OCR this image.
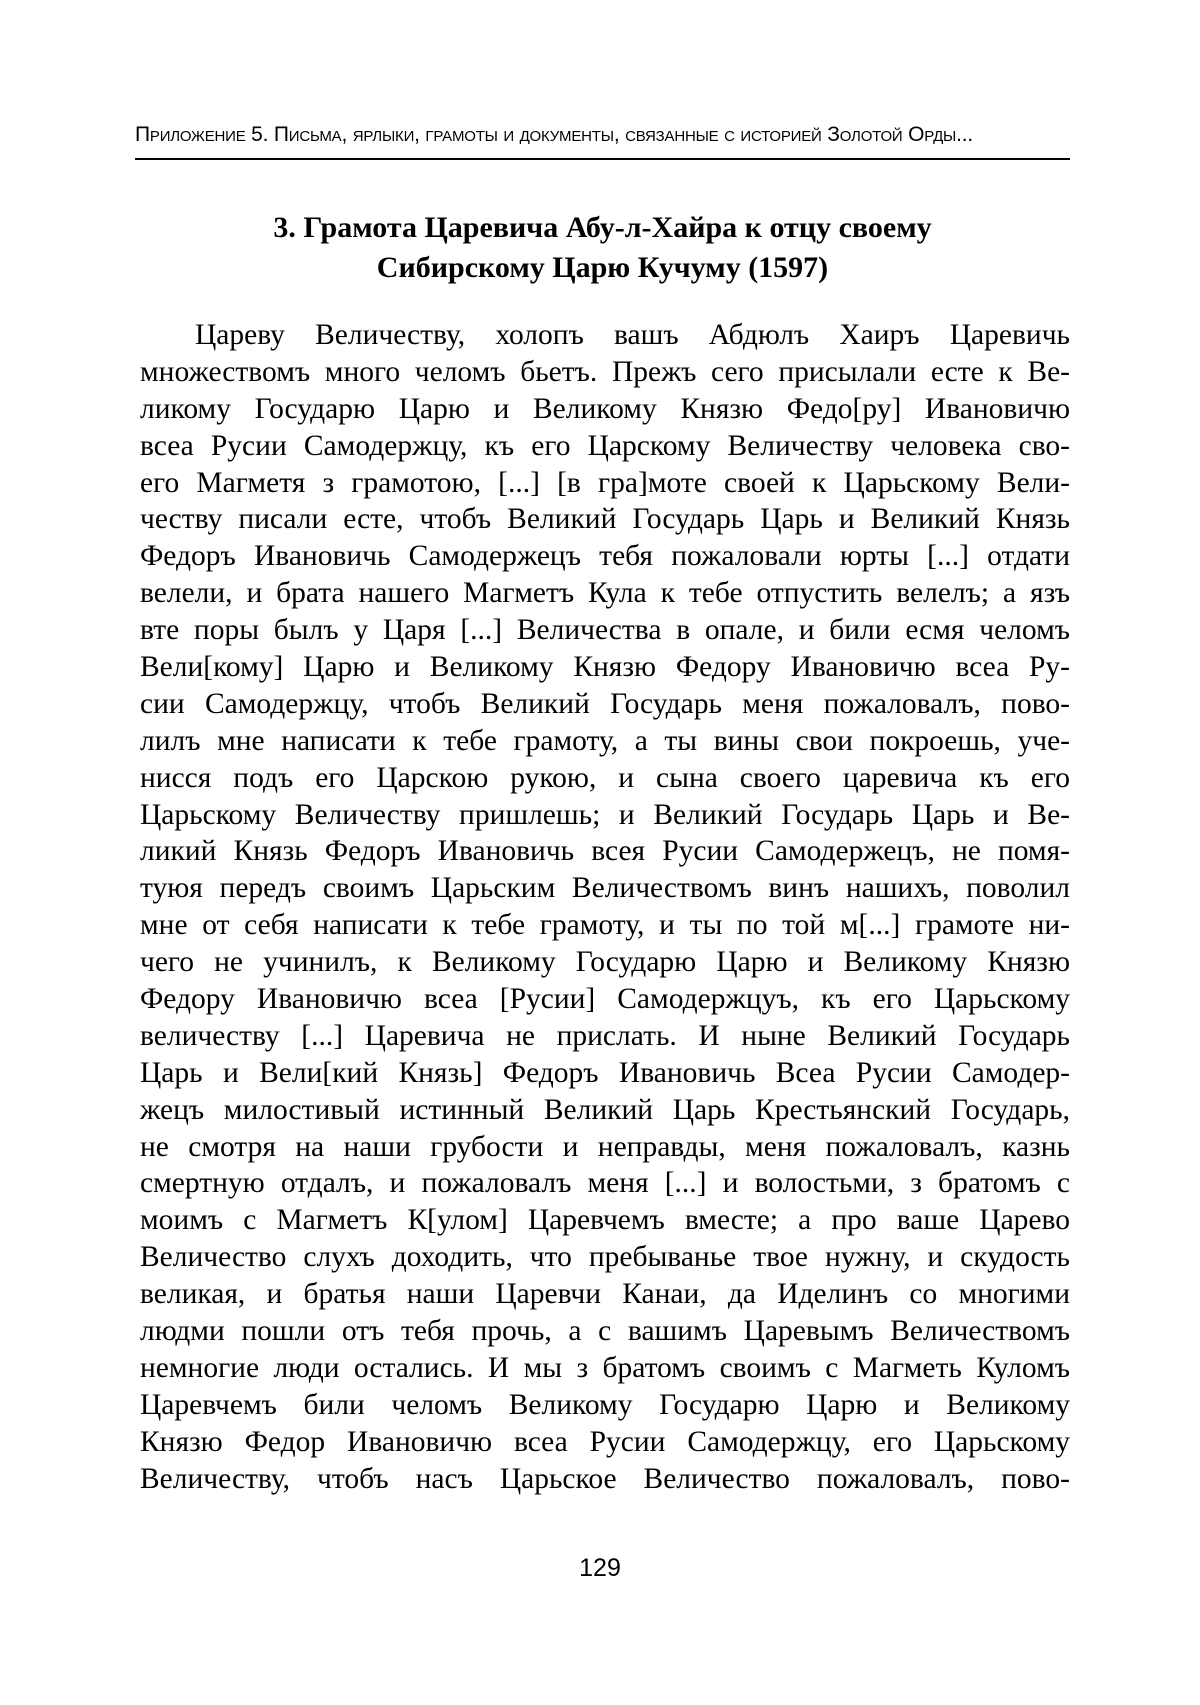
Приложение 5. Письма, ярлыки, грамоты и документы, связанные с историей Золотой Орды...
3. Грамота Царевича Абу-л-Хайра к отцу своему
Сибирскому Царю Кучуму (1597)
Цареву Величеству, холопъ вашъ Абдюлъ Хаиръ Царевичь
множествомъ много челомъ бьетъ. Прежъ сего присылали есте к Ве-
ликому Государю Царю и Великому Князю Федо[ру] Ивановичю
всеа Русии Самодержцу, къ его Царскому Величеству человека сво-
его Магметя з грамотою, [...] [в гра]моте своей к Царьскому Вели-
честву писали есте, чтобъ Великий Государь Царь и Великий Князь
Федоръ Ивановичь Самодержецъ тебя пожаловали юрты [...] отдати
велели, и брата нашего Магметъ Кула к тебе отпустить велелъ; а язъ
вте поры былъ у Царя [...] Величества в опале, и били есмя челомъ
Вели[кому] Царю и Великому Князю Федору Ивановичю всеа Ру-
сии Самодержцу, чтобъ Великий Государь меня пожаловалъ, пово-
лилъ мне написати к тебе грамоту, а ты вины свои покроешь, уче-
нисся подъ его Царскою рукою, и сына своего царевича къ его
Царьскому Величеству пришлешь; и Великий Государь Царь и Ве-
ликий Князь Федоръ Ивановичь всея Русии Самодержецъ, не помя-
туюя передъ своимъ Царьским Величествомъ винъ нашихъ, поволил
мне от себя написати к тебе грамоту, и ты по той м[...] грамоте ни-
чего не учинилъ, к Великому Государю Царю и Великому Князю
Федору Ивановичю всеа [Русии] Самодержцуъ, къ его Царьскому
величеству [...] Царевича не прислать. И ныне Великий Государь
Царь и Вели[кий Князь] Федоръ Ивановичь Всеа Русии Самодер-
жецъ милостивый истинный Великий Царь Крестьянский Государь,
не смотря на наши грубости и неправды, меня пожаловалъ, казнь
смертную отдалъ, и пожаловалъ меня [...] и волостьми, з братомъ с
моимъ с Магметъ К[улом] Царевчемъ вместе; а про ваше Царево
Величество слухъ доходить, что пребыванье твое нужну, и скудость
великая, и братья наши Царевчи Канаи, да Иделинъ со многими
людми пошли отъ тебя прочь, а с вашимъ Царевымъ Величествомъ
немногие люди остались. И мы з братомъ своимъ с Магметь Куломъ
Царевчемъ били челомъ Великому Государю Царю и Великому
Князю Федор Ивановичю всеа Русии Самодержцу, его Царьскому
Величеству, чтобъ насъ Царьское Величество пожаловалъ, пово-
129
